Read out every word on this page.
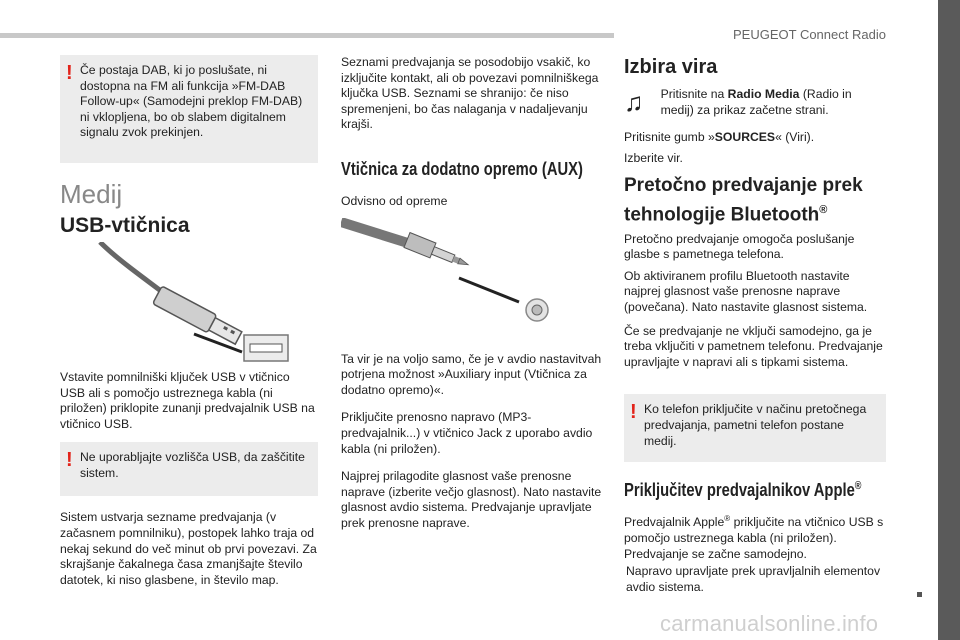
PEUGEOT Connect Radio
! Če postaja DAB, ki jo poslušate, ni dostopna na FM ali funkcija »FM-DAB Follow-up« (Samodejni preklop FM-DAB) ni vklopljena, bo ob slabem digitalnem signalu zvok prekinjen.
Medij
USB-vtičnica

Vstavite pomnilniški ključek USB v vtičnico USB ali s pomočjo ustreznega kabla (ni priložen) priklopite zunanji predvajalnik USB na vtičnico USB.

! Ne uporabljajte vozlišča USB, da zaščitite sistem.

Sistem ustvarja sezname predvajanja (v začasnem pomnilniku), postopek lahko traja od nekaj sekund do več minut ob prvi povezavi. Za skrajšanje čakalnega časa zmanjšajte število datotek, ki niso glasbene, in število map.

Seznami predvajanja se posodobijo vsakič, ko izključite kontakt, ali ob povezavi pomnilniškega ključka USB. Seznami se shranijo: če niso spremenjeni, bo čas nalaganja v nadaljevanju krajši.

Vtičnica za dodatno opremo (AUX)

Odvisno od opreme

Ta vir je na voljo samo, če je v avdio nastavitvah potrjena možnost »Auxiliary input (Vtičnica za dodatno opremo)«.

Priključite prenosno napravo (MP3-predvajalnik...) v vtičnico Jack z uporabo avdio kabla (ni priložen).

Najprej prilagodite glasnost vaše prenosne naprave (izberite večjo glasnost). Nato nastavite glasnost avdio sistema. Predvajanje upravljate prek prenosne naprave.

Izbira vira
♫	Pritisnite na Radio Media (Radio in medij) za prikaz začetne strani.

Pritisnite gumb »SOURCES« (Viri).

Izberite vir.

Pretočno predvajanje prek
tehnologije Bluetooth®

Pretočno predvajanje omogoča poslušanje glasbe s pametnega telefona.

Ob aktiviranem profilu Bluetooth nastavite najprej glasnost vaše prenosne naprave (povečana). Nato nastavite glasnost sistema.

Če se predvajanje ne vključi samodejno, ga je treba vključiti v pametnem telefonu. Predvajanje upravljajte v napravi ali s tipkami sistema.

! Ko telefon priključite v načinu pretočnega predvajanja, pametni telefon postane medij.
Priključitev predvajalnikov Apple®

Predvajalnik Apple® priključite na vtičnico USB s pomočjo ustreznega kabla (ni priložen). Predvajanje se začne samodejno.

Napravo upravljate prek upravljalnih elementov avdio sistema.

carmanualsonline.info
